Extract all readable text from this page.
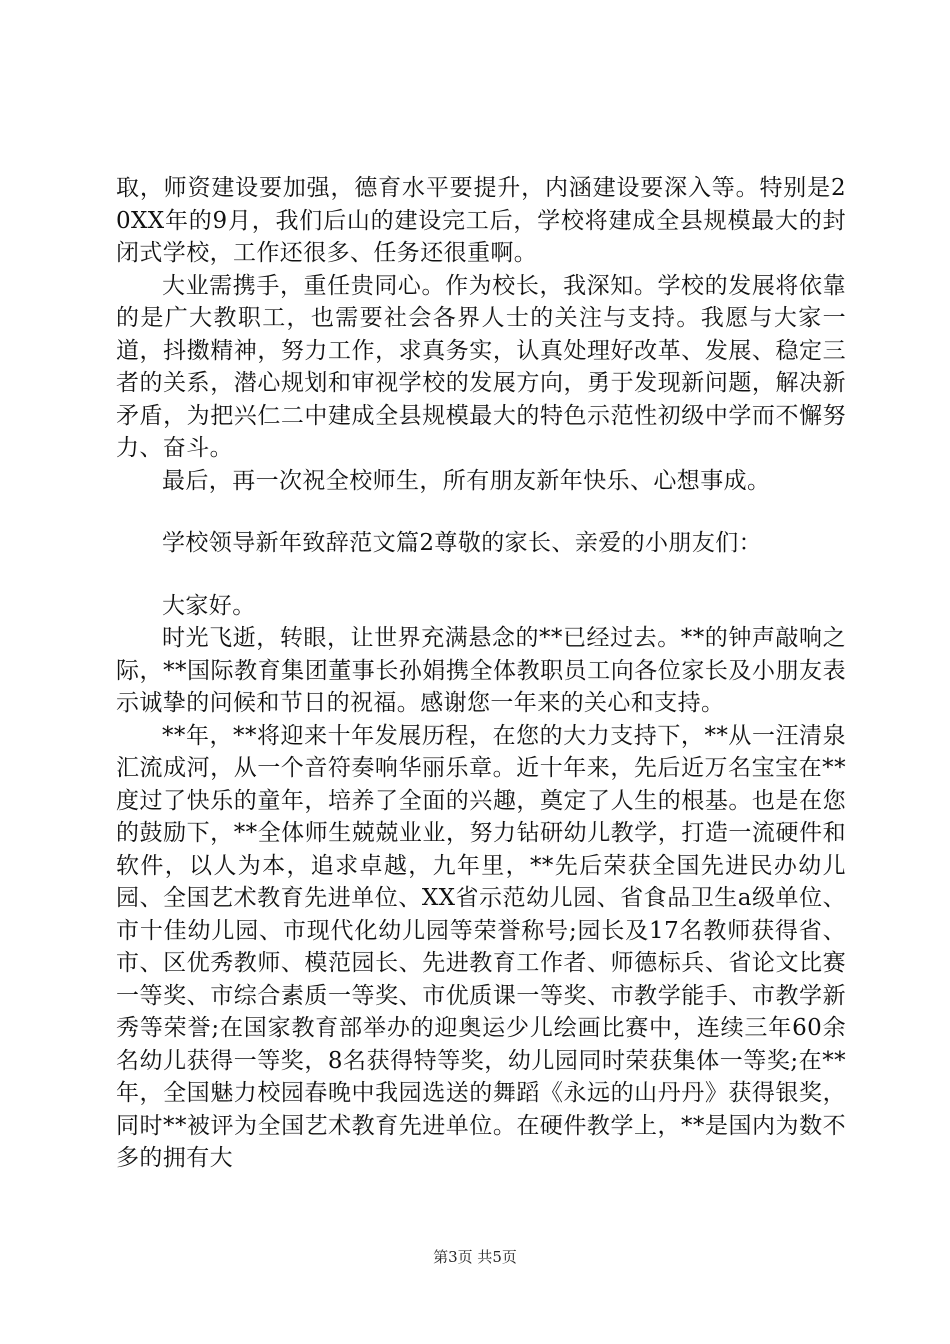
取，师资建设要加强，德育水平要提升，内涵建设要深入等。特别是20XX年的9月，我们后山的建设完工后，学校将建成全县规模最大的封闭式学校，工作还很多、任务还很重啊。

大业需携手，重任贵同心。作为校长，我深知。学校的发展将依靠的是广大教职工，也需要社会各界人士的关注与支持。我愿与大家一道，抖擞精神，努力工作，求真务实，认真处理好改革、发展、稳定三者的关系，潜心规划和审视学校的发展方向，勇于发现新问题，解决新矛盾，为把兴仁二中建成全县规模最大的特色示范性初级中学而不懈努力、奋斗。

最后，再一次祝全校师生，所有朋友新年快乐、心想事成。

学校领导新年致辞范文篇2尊敬的家长、亲爱的小朋友们：

大家好。

时光飞逝，转眼，让世界充满悬念的**已经过去。**的钟声敲响之际，**国际教育集团董事长孙娟携全体教职员工向各位家长及小朋友表示诚挚的问候和节日的祝福。感谢您一年来的关心和支持。

**年，**将迎来十年发展历程，在您的大力支持下，**从一汪清泉汇流成河，从一个音符奏响华丽乐章。近十年来，先后近万名宝宝在**度过了快乐的童年，培养了全面的兴趣，奠定了人生的根基。也是在您的鼓励下，**全体师生兢兢业业，努力钻研幼儿教学，打造一流硬件和软件，以人为本，追求卓越，九年里，**先后荣获全国先进民办幼儿园、全国艺术教育先进单位、XX省示范幼儿园、省食品卫生a级单位、市十佳幼儿园、市现代化幼儿园等荣誉称号;园长及17名教师获得省、市、区优秀教师、模范园长、先进教育工作者、师德标兵、省论文比赛一等奖、市综合素质一等奖、市优质课一等奖、市教学能手、市教学新秀等荣誉;在国家教育部举办的迎奥运少儿绘画比赛中，连续三年60余名幼儿获得一等奖，8名获得特等奖，幼儿园同时荣获集体一等奖;在**年，全国魅力校园春晚中我园选送的舞蹈《永远的山丹丹》获得银奖，同时**被评为全国艺术教育先进单位。在硬件教学上，**是国内为数不多的拥有大

第3页 共5页
